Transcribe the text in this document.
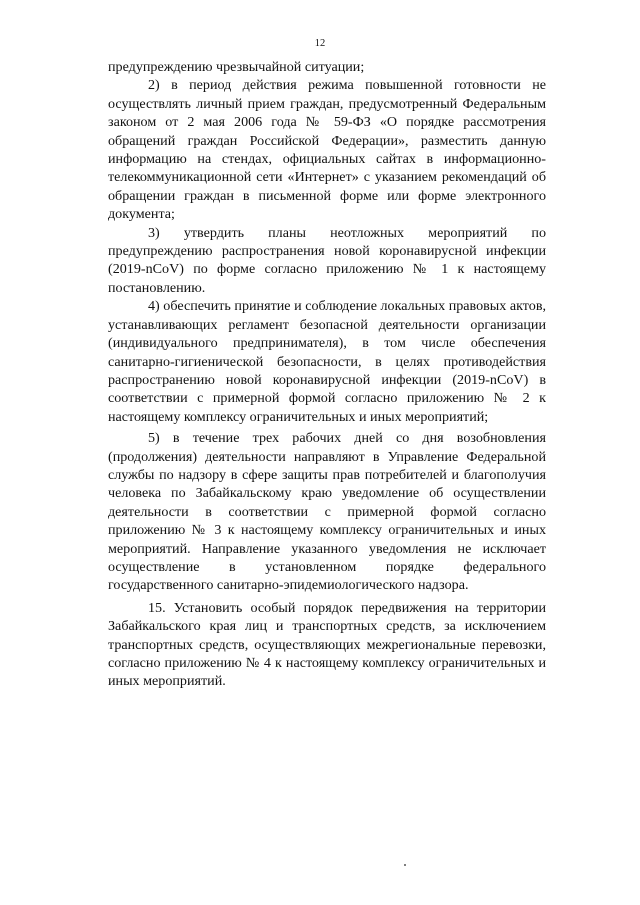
12

предупреждению чрезвычайной ситуации;

2) в период действия режима повышенной готовности не осуществлять личный прием граждан, предусмотренный Федеральным законом от 2 мая 2006 года № 59-ФЗ «О порядке рассмотрения обращений граждан Российской Федерации», разместить данную информацию на стендах, официальных сайтах в информационно-телекоммуникационной сети «Интернет» с указанием рекомендаций об обращении граждан в письменной форме или форме электронного документа;

3) утвердить планы неотложных мероприятий по предупреждению распространения новой коронавирусной инфекции (2019-nCoV) по форме согласно приложению № 1 к настоящему постановлению.

4) обеспечить принятие и соблюдение локальных правовых актов, устанавливающих регламент безопасной деятельности организации (индивидуального предпринимателя), в том числе обеспечения санитарно-гигиенической безопасности, в целях противодействия распространению новой коронавирусной инфекции (2019-nCoV) в соответствии с примерной формой согласно приложению № 2 к настоящему комплексу ограничительных и иных мероприятий;

5) в течение трех рабочих дней со дня возобновления (продолжения) деятельности направляют в Управление Федеральной службы по надзору в сфере защиты прав потребителей и благополучия человека по Забайкальскому краю уведомление об осуществлении деятельности в соответствии с примерной формой согласно приложению № 3 к настоящему комплексу ограничительных и иных мероприятий. Направление указанного уведомления не исключает осуществление в установленном порядке федерального государственного санитарно-эпидемиологического надзора.

15. Установить особый порядок передвижения на территории Забайкальского края лиц и транспортных средств, за исключением транспортных средств, осуществляющих межрегиональные перевозки, согласно приложению № 4 к настоящему комплексу ограничительных и иных мероприятий.
